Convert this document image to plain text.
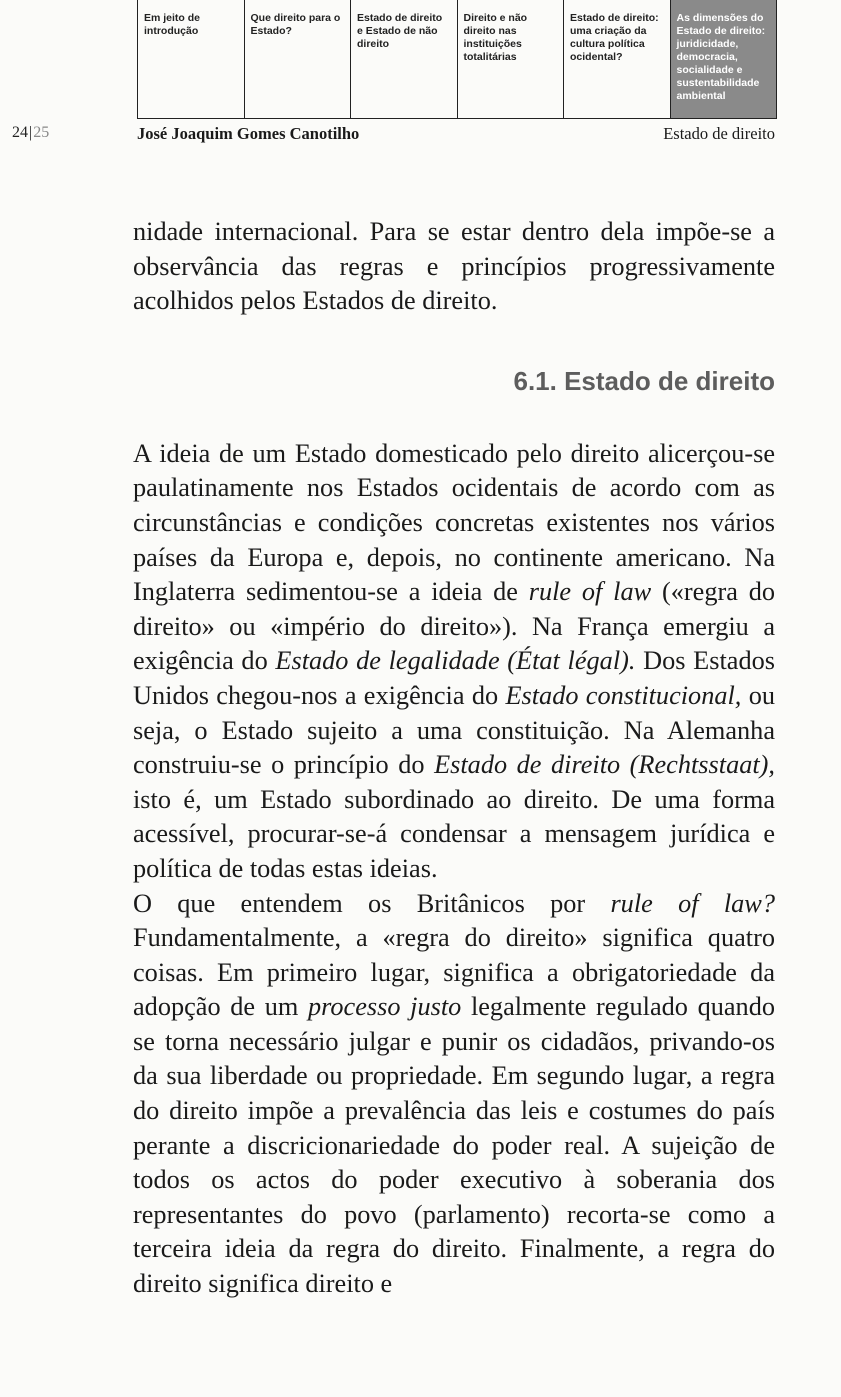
Em jeito de introdução
Que direito para o Estado?
Estado de direito e Estado de não direito
Direito e não direito nas instituições totalitárias
Estado de direito: uma criação da cultura política ocidental?
As dimensões do Estado de direito: juridicidade, democracia, socialidade e sustentabilidade ambiental
24|25	José Joaquim Gomes Canotilho	Estado de direito

nidade internacional. Para se estar dentro dela impõe-se a observância das regras e princípios progressivamente acolhidos pelos Estados de direito.

6.1. Estado de direito

A ideia de um Estado domesticado pelo direito alicerçou-se paulatinamente nos Estados ocidentais de acordo com as circunstâncias e condições concretas existentes nos vários países da Europa e, depois, no continente americano. Na Inglaterra sedimentou-se a ideia de rule of law («regra do direito» ou «império do direito»). Na França emergiu a exigência do Estado de legalidade (État légal). Dos Estados Unidos chegou-nos a exigência do Estado constitucional, ou seja, o Estado sujeito a uma constituição. Na Alemanha construiu-se o princípio do Estado de direito (Rechtsstaat), isto é, um Estado subordinado ao direito. De uma forma acessível, procurar-se-á condensar a mensagem jurídica e política de todas estas ideias.

O que entendem os Britânicos por rule of law? Fundamentalmente, a «regra do direito» significa quatro coisas. Em primeiro lugar, significa a obrigatoriedade da adopção de um processo justo legalmente regulado quando se torna necessário julgar e punir os cidadãos, privando-os da sua liberdade ou propriedade. Em segundo lugar, a regra do direito impõe a prevalência das leis e costumes do país perante a discricionariedade do poder real. A sujeição de todos os actos do poder executivo à soberania dos representantes do povo (parlamento) recorta-se como a terceira ideia da regra do direito. Finalmente, a regra do direito significa direito e
